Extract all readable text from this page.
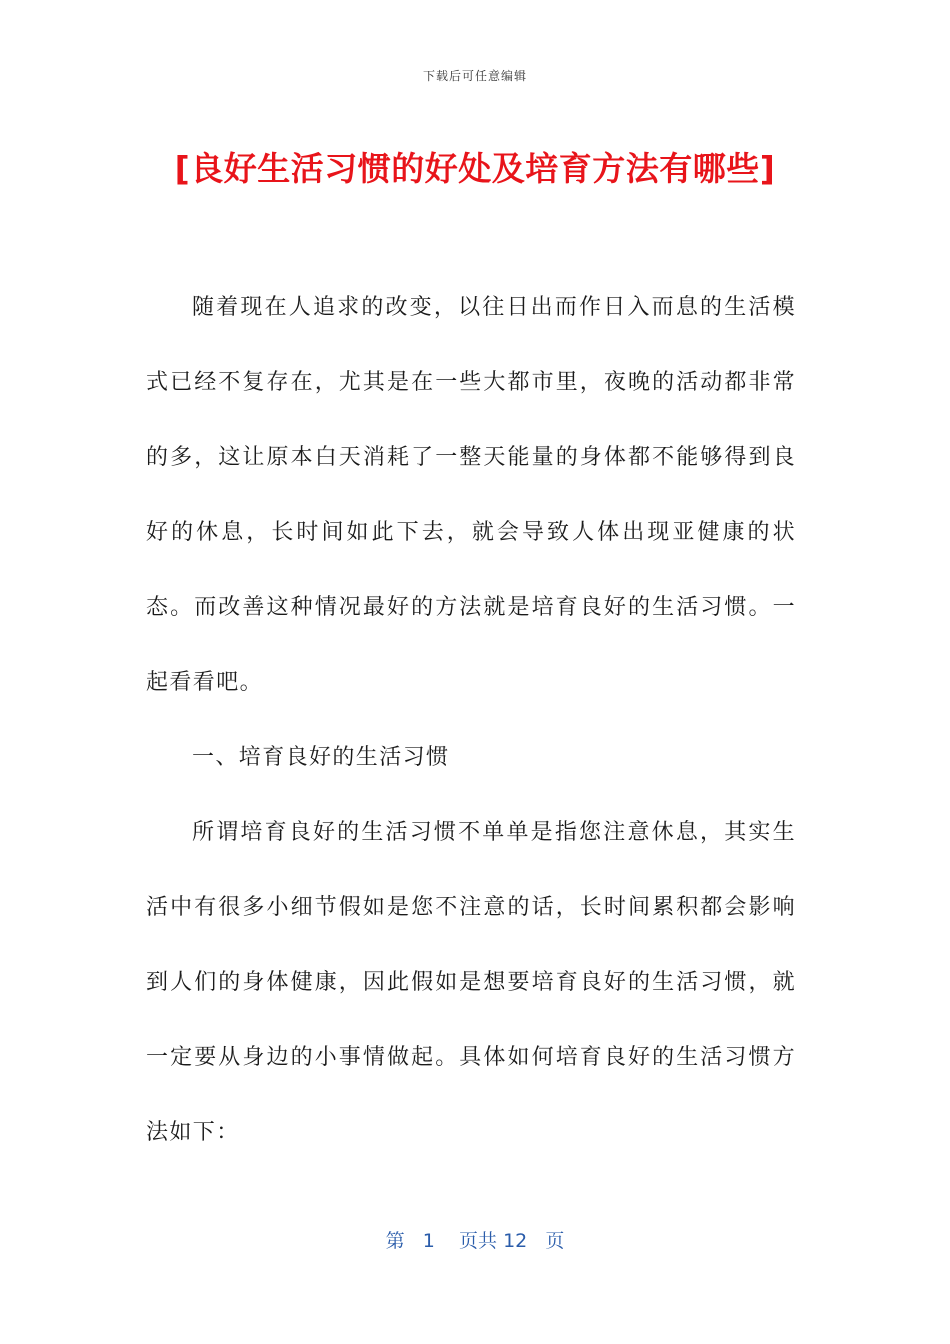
下载后可任意编辑
[良好生活习惯的好处及培育方法有哪些]

随着现在人追求的改变，以往日出而作日入而息的生活模式已经不复存在，尤其是在一些大都市里，夜晚的活动都非常的多，这让原本白天消耗了一整天能量的身体都不能够得到良好的休息，长时间如此下去，就会导致人体出现亚健康的状态。而改善这种情况最好的方法就是培育良好的生活习惯。一起看看吧。

一、培育良好的生活习惯

所谓培育良好的生活习惯不单单是指您注意休息，其实生活中有很多小细节假如是您不注意的话，长时间累积都会影响到人们的身体健康，因此假如是想要培育良好的生活习惯，就一定要从身边的小事情做起。具体如何培育良好的生活习惯方法如下：

第 1 页共 12 页
